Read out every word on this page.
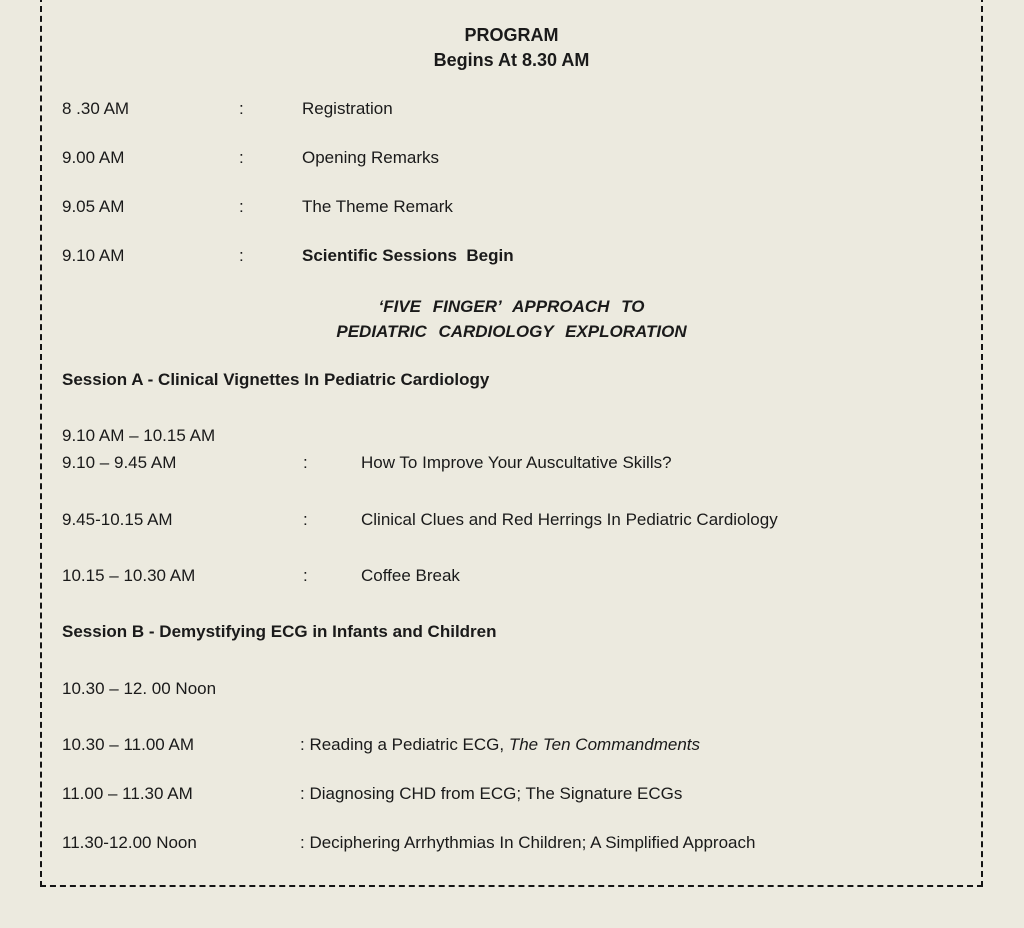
PROGRAM
Begins At 8.30 AM
8 .30 AM	:	Registration
9.00 AM	:	Opening Remarks
9.05 AM	:	The Theme Remark
9.10 AM	:	Scientific Sessions  Begin
‘FIVE FINGER’ APPROACH TO
PEDIATRIC CARDIOLOGY EXPLORATION
Session A - Clinical Vignettes In Pediatric Cardiology
9.10 AM – 10.15 AM
9.10 – 9.45 AM	:	How To Improve Your Auscultative Skills?
9.45-10.15 AM	:	Clinical Clues and Red Herrings In Pediatric Cardiology
10.15 – 10.30 AM	:	Coffee Break
Session B - Demystifying ECG in Infants and Children
10.30 – 12. 00 Noon
10.30 – 11.00 AM	: Reading a Pediatric ECG, The Ten Commandments
11.00 – 11.30 AM	: Diagnosing CHD from ECG; The Signature ECGs
11.30-12.00 Noon	: Deciphering Arrhythmias In Children; A Simplified Approach
